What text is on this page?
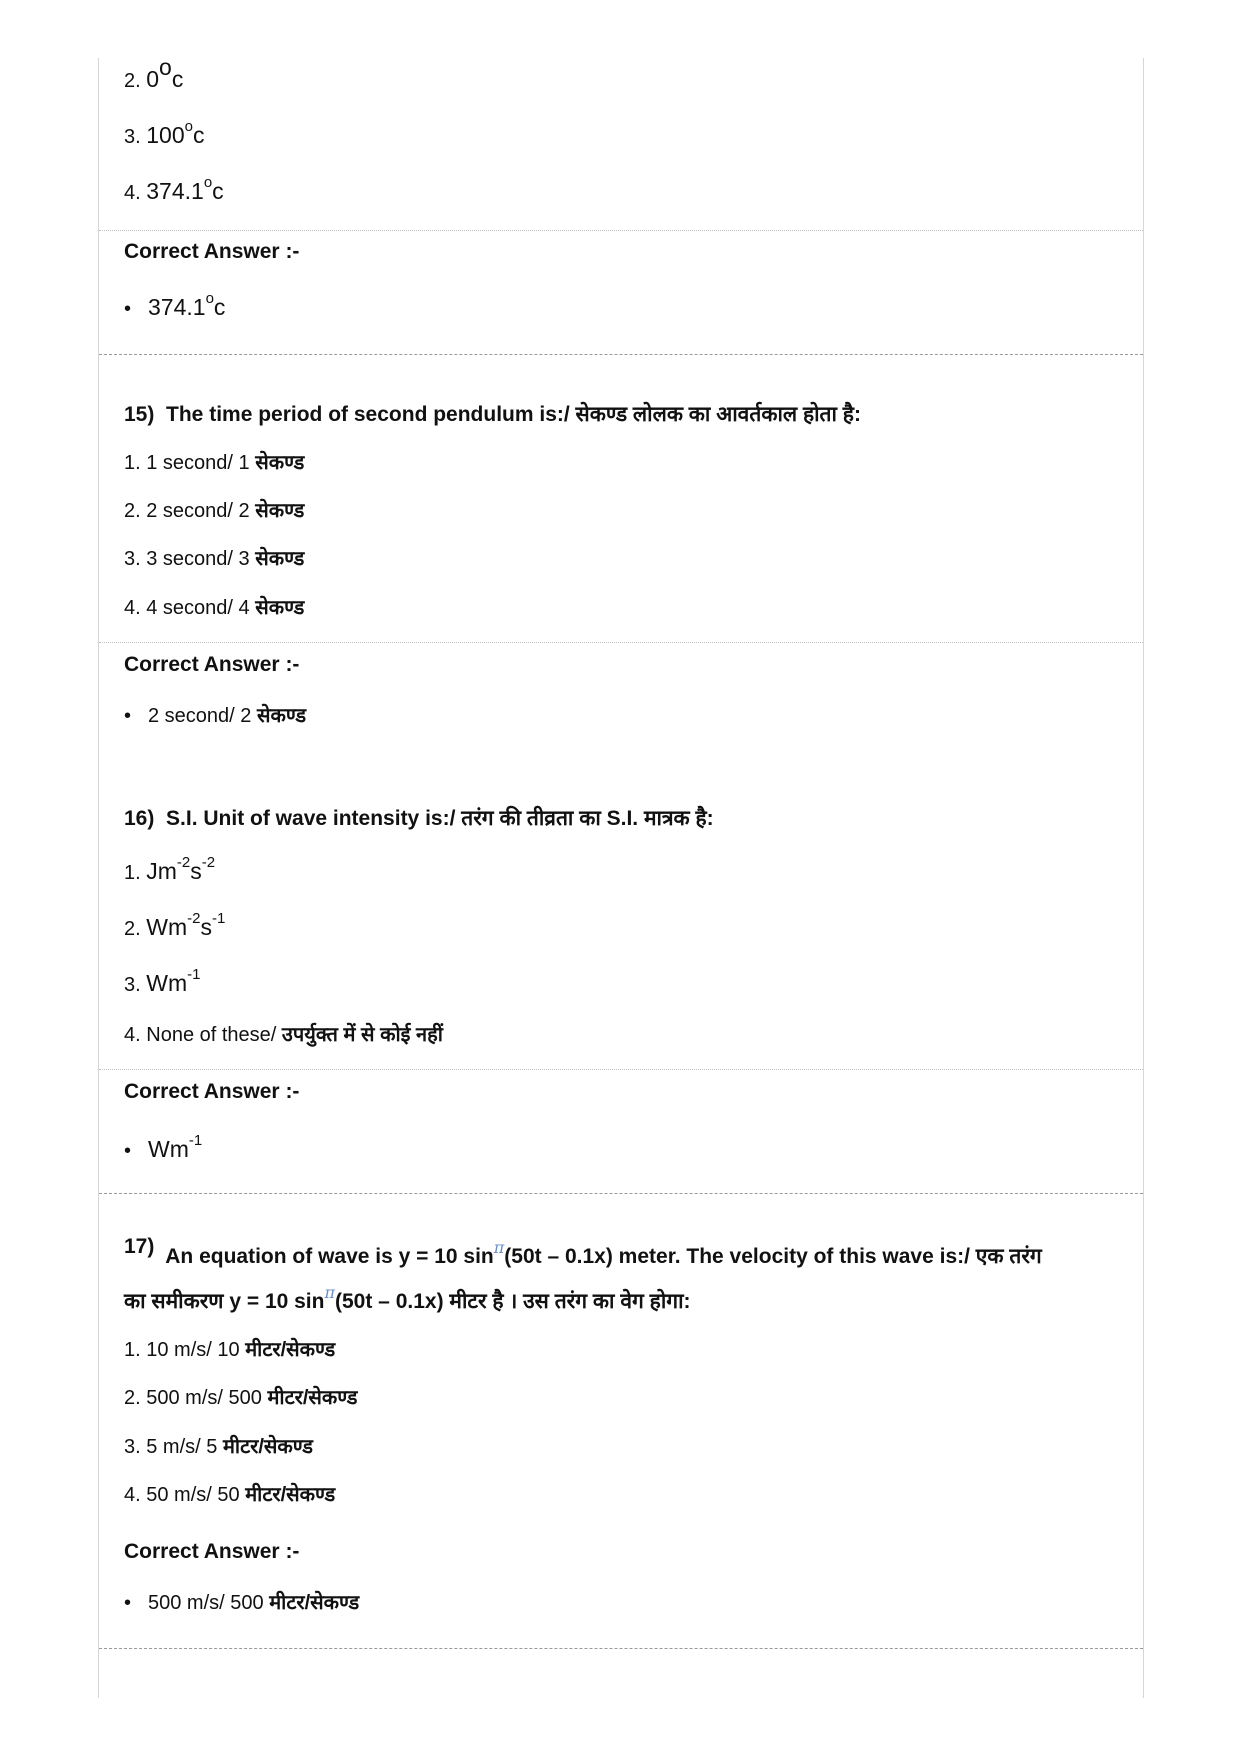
2. 0$^o$c
3. 100$^o$c
4. 374.1$^o$c
Correct Answer :-
• 374.1$^o$c
15) The time period of second pendulum is:/ सेकण्ड लोलक का आवर्तकाल होता है:
1. 1 second/ 1 सेकण्ड
2. 2 second/ 2 सेकण्ड
3. 3 second/ 3 सेकण्ड
4. 4 second/ 4 सेकण्ड
Correct Answer :-
• 2 second/ 2 सेकण्ड
16) S.I. Unit of wave intensity is:/ तरंग की तीव्रता का S.I. मात्रक है:
1. $Jm^{-2}s^{-2}$
2. $Wm^{-2}s^{-1}$
3. $Wm^{-1}$
4. None of these/ उपर्युक्त में से कोई नहीं
Correct Answer :-
• $Wm^{-1}$
17) An equation of wave is y = 10 $\sin^\pi(50t - 0.1x)$ meter. The velocity of this wave is:/ एक तरंग
का समीकरण y = 10 $\sin^\pi(50t - 0.1x)$ मीटर है । उस तरंग का वेग होगा:
1. 10 m/s/ 10 मीटर/सेकण्ड
2. 500 m/s/ 500 मीटर/सेकण्ड
3. 5 m/s/ 5 मीटर/सेकण्ड
4. 50 m/s/ 50 मीटर/सेकण्ड
Correct Answer :-
• 500 m/s/ 500 मीटर/सेकण्ड
